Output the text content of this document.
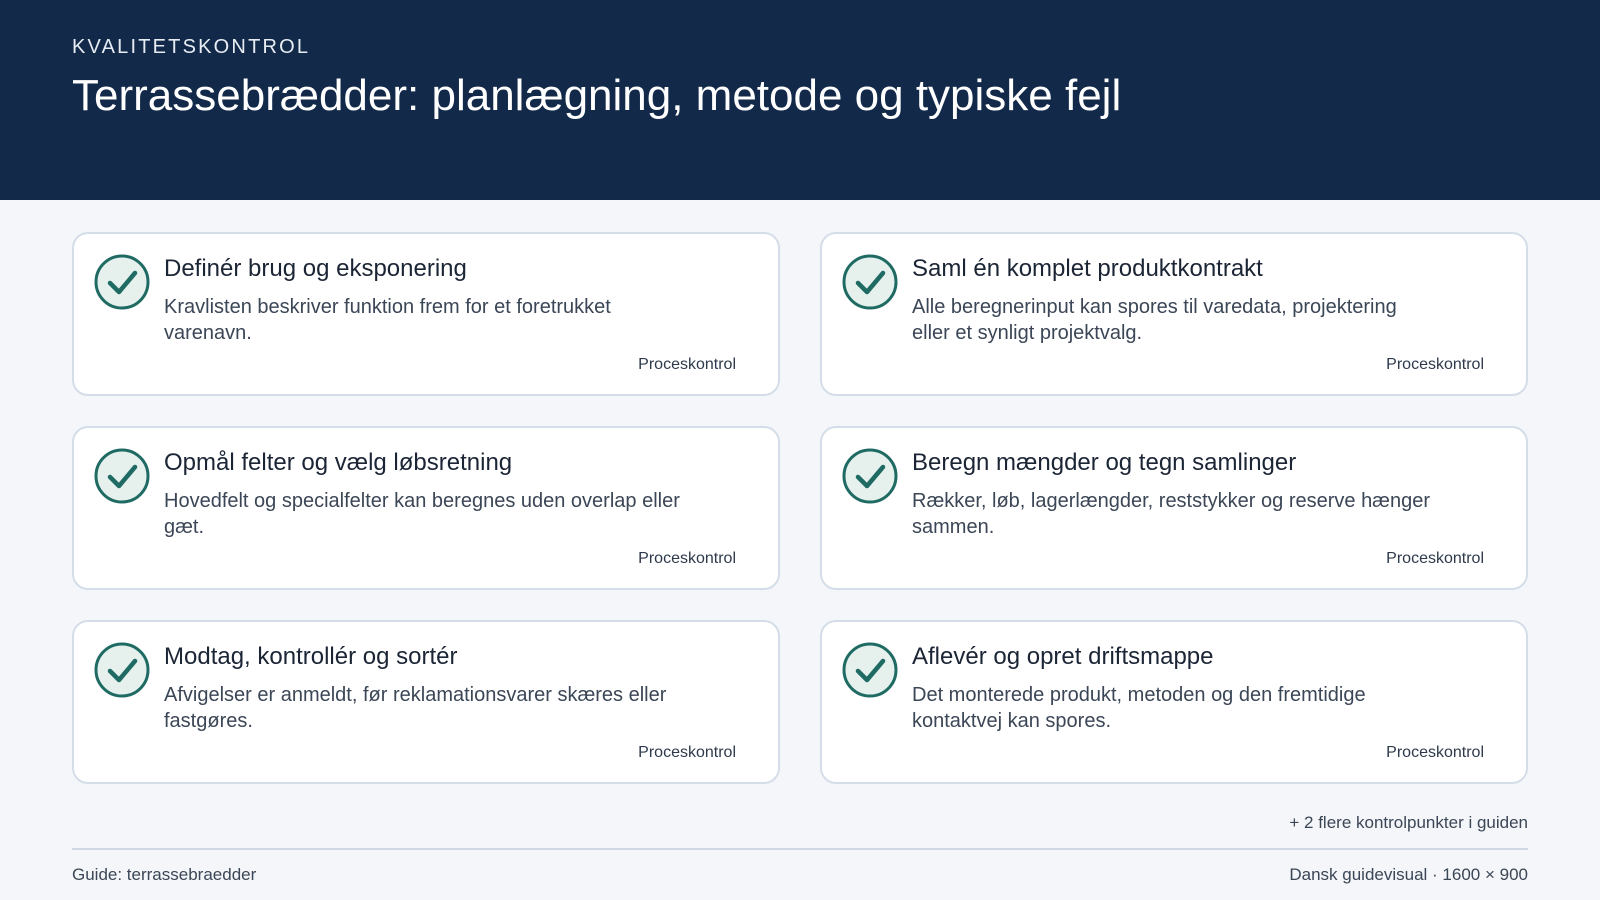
KVALITETSKONTROL
Terrassebrædder: planlægning, metode og typiske fejl
Definér brug og eksponering
Kravlisten beskriver funktion frem for et foretrukket varenavn.
Proceskontrol
Saml én komplet produktkontrakt
Alle beregnerinput kan spores til varedata, projektering eller et synligt projektvalg.
Proceskontrol
Opmål felter og vælg løbsretning
Hovedfelt og specialfelter kan beregnes uden overlap eller gæt.
Proceskontrol
Beregn mængder og tegn samlinger
Rækker, løb, lagerlængder, reststykker og reserve hænger sammen.
Proceskontrol
Modtag, kontrollér og sortér
Afvigelser er anmeldt, før reklamationsvarer skæres eller fastgøres.
Proceskontrol
Aflevér og opret driftsmappe
Det monterede produkt, metoden og den fremtidige kontaktvej kan spores.
Proceskontrol
+ 2 flere kontrolpunkter i guiden
Guide: terrassebraedder	Dansk guidevisual · 1600 × 900
